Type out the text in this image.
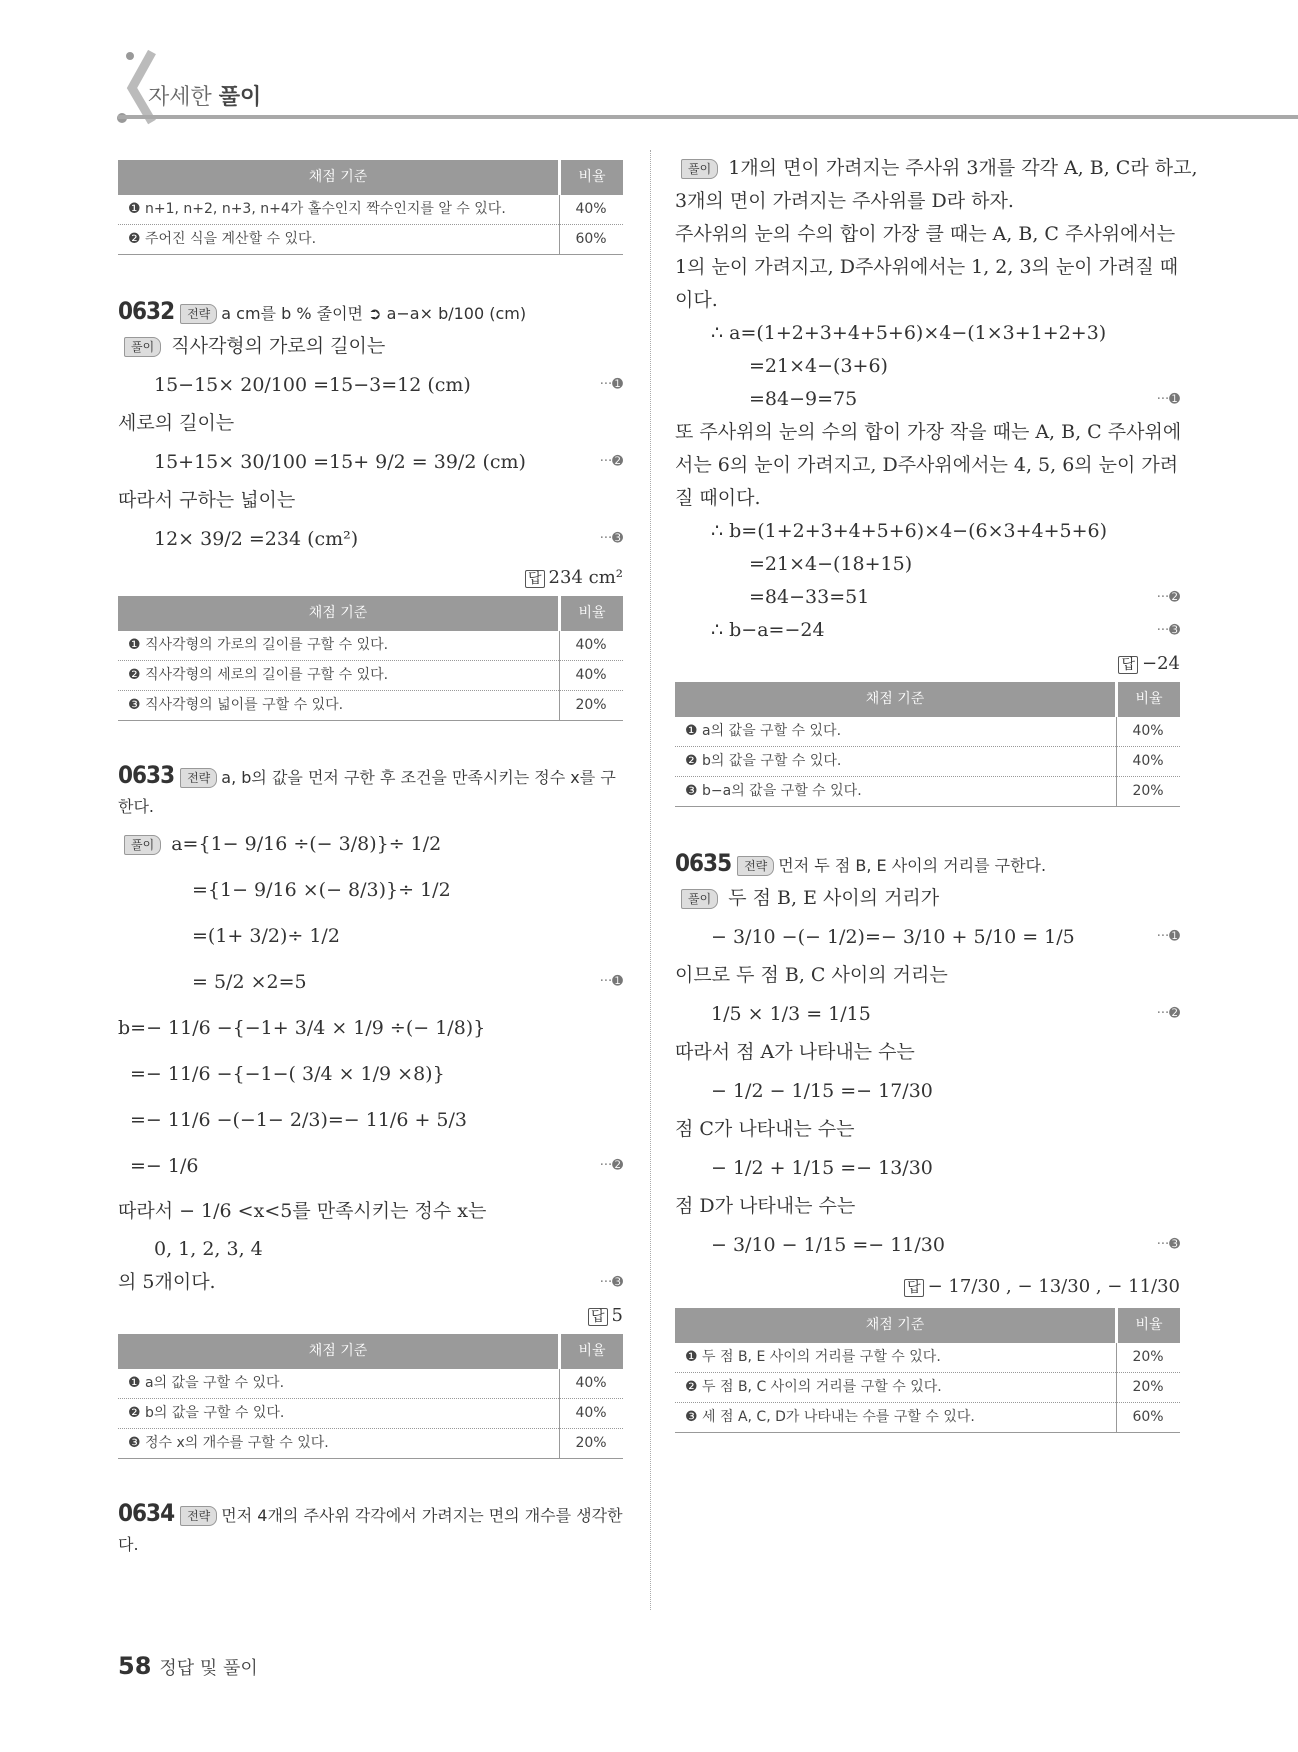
자세한 풀이
채점 기준	비율
❶ n+1, n+2, n+3, n+4가 홀수인지 짝수인지를 알 수 있다.	40%
❷ 주어진 식을 계산할 수 있다.	60%
0632 전략 a cm를 b % 줄이면 ➲ a−a× b/100 (cm)
풀이 직사각형의 가로의 길이는
15−15× 20/100 =15−3=12 (cm)	···➊
세로의 길이는
15+15× 30/100 =15+ 9/2 = 39/2 (cm)	···➋
따라서 구하는 넓이는
12× 39/2 =234 (cm²)	···➌
답 234 cm²
채점 기준	비율
❶ 직사각형의 가로의 길이를 구할 수 있다.	40%
❷ 직사각형의 세로의 길이를 구할 수 있다.	40%
❸ 직사각형의 넓이를 구할 수 있다.	20%
0633 전략 a, b의 값을 먼저 구한 후 조건을 만족시키는 정수 x를 구한다.
풀이 a={1− 9/16 ÷(− 3/8)}÷ 1/2
={1− 9/16 ×(− 8/3)}÷ 1/2
=(1+ 3/2)÷ 1/2
= 5/2 ×2=5	···➊
b=− 11/6 −{−1+ 3/4 × 1/9 ÷(− 1/8)}
=− 11/6 −{−1−( 3/4 × 1/9 ×8)}
=− 11/6 −(−1− 2/3)=− 11/6 + 5/3
=− 1/6	···➋
따라서 − 1/6 <x<5를 만족시키는 정수 x는
0, 1, 2, 3, 4
의 5개이다.	···➌
답 5
채점 기준	비율
❶ a의 값을 구할 수 있다.	40%
❷ b의 값을 구할 수 있다.	40%
❸ 정수 x의 개수를 구할 수 있다.	20%
0634 전략 먼저 4개의 주사위 각각에서 가려지는 면의 개수를 생각한다.
풀이 1개의 면이 가려지는 주사위 3개를 각각 A, B, C라 하고,
3개의 면이 가려지는 주사위를 D라 하자.
주사위의 눈의 수의 합이 가장 클 때는 A, B, C 주사위에서는
1의 눈이 가려지고, D주사위에서는 1, 2, 3의 눈이 가려질 때
이다.
∴ a=(1+2+3+4+5+6)×4−(1×3+1+2+3)
=21×4−(3+6)
=84−9=75	···➊
또 주사위의 눈의 수의 합이 가장 작을 때는 A, B, C 주사위에
서는 6의 눈이 가려지고, D주사위에서는 4, 5, 6의 눈이 가려
질 때이다.
∴ b=(1+2+3+4+5+6)×4−(6×3+4+5+6)
=21×4−(18+15)
=84−33=51	···➋
∴ b−a=−24	···➌
답 −24
채점 기준	비율
❶ a의 값을 구할 수 있다.	40%
❷ b의 값을 구할 수 있다.	40%
❸ b−a의 값을 구할 수 있다.	20%
0635 전략 먼저 두 점 B, E 사이의 거리를 구한다.
풀이 두 점 B, E 사이의 거리가
− 3/10 −(− 1/2)=− 3/10 + 5/10 = 1/5	···➊
이므로 두 점 B, C 사이의 거리는
1/5 × 1/3 = 1/15	···➋
따라서 점 A가 나타내는 수는
− 1/2 − 1/15 =− 17/30
점 C가 나타내는 수는
− 1/2 + 1/15 =− 13/30
점 D가 나타내는 수는
− 3/10 − 1/15 =− 11/30	···➌
답 − 17/30 , − 13/30 , − 11/30
채점 기준	비율
❶ 두 점 B, E 사이의 거리를 구할 수 있다.	20%
❷ 두 점 B, C 사이의 거리를 구할 수 있다.	20%
❸ 세 점 A, C, D가 나타내는 수를 구할 수 있다.	60%
58 정답 및 풀이
